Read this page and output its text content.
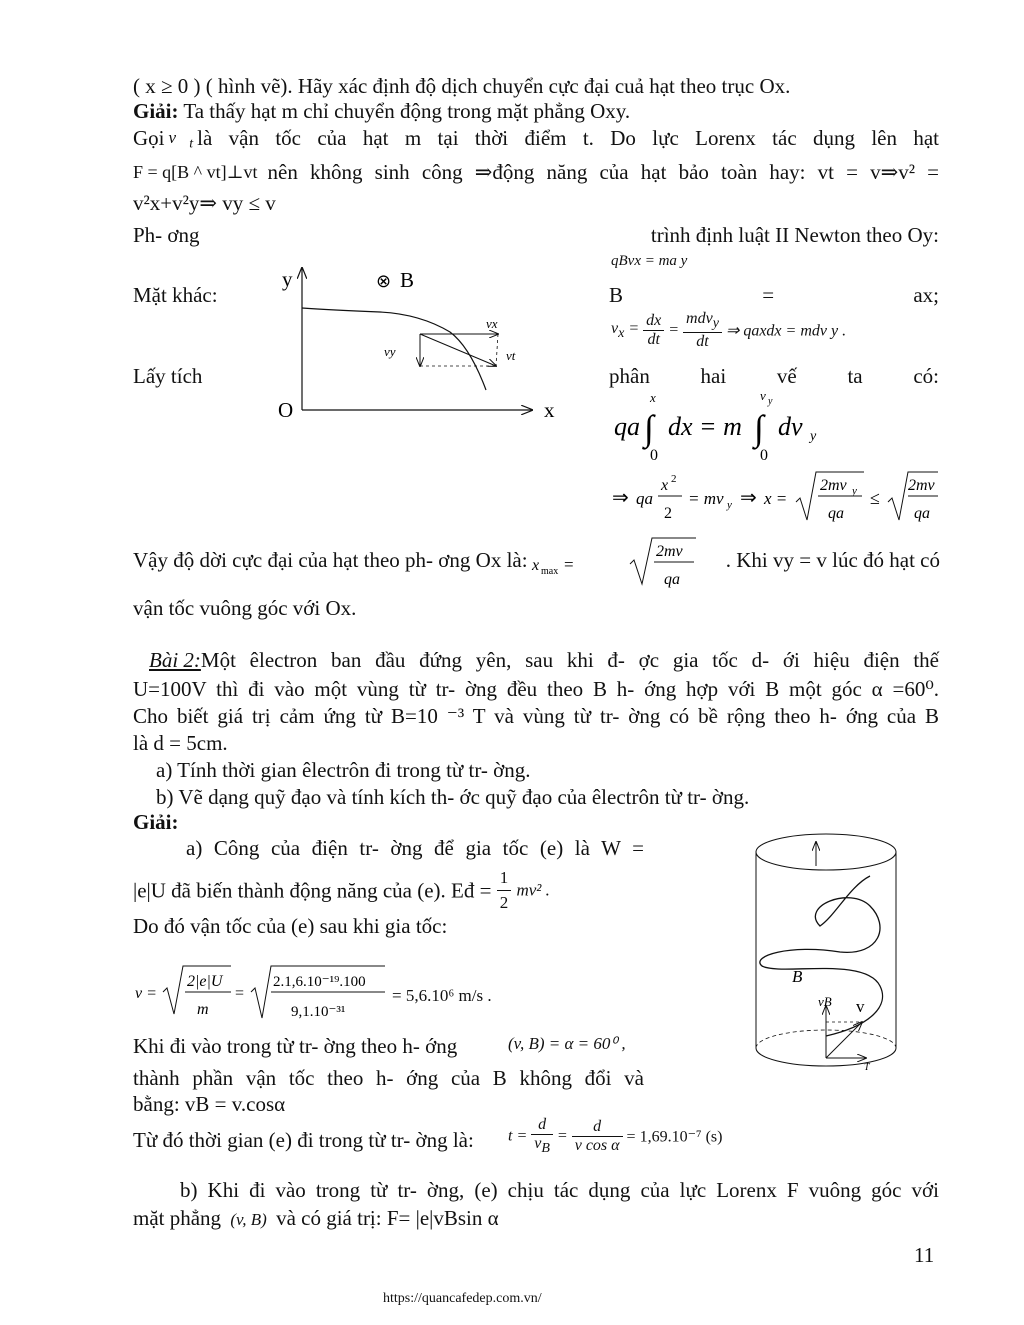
( x ≥ 0 ) ( hình vẽ). Hãy xác định độ dịch chuyển cực đại cuả hạt theo trục Ox.
Giải: Ta thấy hạt m chỉ chuyển động trong mặt phẳng Oxy.
Gọi $v⃗_t$ là vận tốc của hạt m tại thời điểm t. Do lực Lorenx tác dụng lên hạt
F = q[B ^ vt]⊥vt nên không sinh công ⇒động năng của hạt bảo toàn hay: vt = v⇒v² =
v²x+v²y⇒ vy ≤ v
Ph- ơng	trình định luật II Newton theo Oy:
qBvx = ma y
Mặt khác:	B	=	ax;
$v_x = \frac{dx}{dt} = \frac{mdv_y}{dt}$ ⇒ qaxdx = mdv y .
Lấy tích	phân hai vế ta có:
x	v y
qa ∫ dx = m ∫ dv y
0	0
⇒ qa
x 2
2
= mv y ⇒ x =
2mv y
qa
≤
2mv
qa
y
x
O
⊗ B
vx
vy	vt
Vậy độ dời cực đại của hạt theo ph- ơng Ox là: x max =
2mv
qa
. Khi vy = v lúc đó hạt có
vận tốc vuông góc với Ox.
Bài 2: Một êlectron ban đầu đứng yên, sau khi đ- ợc gia tốc d- ới hiệu điện thế
U=100V thì đi vào một vùng từ tr- ờng đều theo B h- ớng hợp với B một góc α =60⁰.
Cho biết giá trị cảm ứng từ B=10 ⁻³ T và vùng từ tr- ờng có bề rộng theo h- ớng của B
là d = 5cm.
a) Tính thời gian êlectrôn đi trong từ tr- ờng.
b) Vẽ dạng quỹ đạo và tính kích th- ớc quỹ đạo của êlectrôn từ tr- ờng.
Giải:
a) Công của điện tr- ờng để gia tốc (e) là W =
|e|U đã biến thành động năng của (e). Eđ = $\frac{1}{2} mv^2$ .
Do đó vận tốc của (e) sau khi gia tốc:
v =
2|e|U
m
=
2.1,6.10⁻¹⁹.100
9,1.10⁻³¹
= 5,6.10⁶ m/s .
Khi đi vào trong từ tr- ờng theo h- ớng	(v, B) = α = 60⁰ ,
thành phần vận tốc theo h- ớng của B không đổi và
bằng: vB = v.cosα
Từ đó thời gian (e) đi trong từ tr- ờng là: $t = \frac{d}{v_B} = \frac{d}{\text{v cos α}} = 1,69.10^{-7}$ (s)
b) Khi đi vào trong từ tr- ờng, (e) chịu tác dụng của lực Lorenx F vuông góc với
mặt phẳng (v, B) và có giá trị: F= |e|vBsin α
B
vB v
T
11
https://quancafedep.com.vn/
